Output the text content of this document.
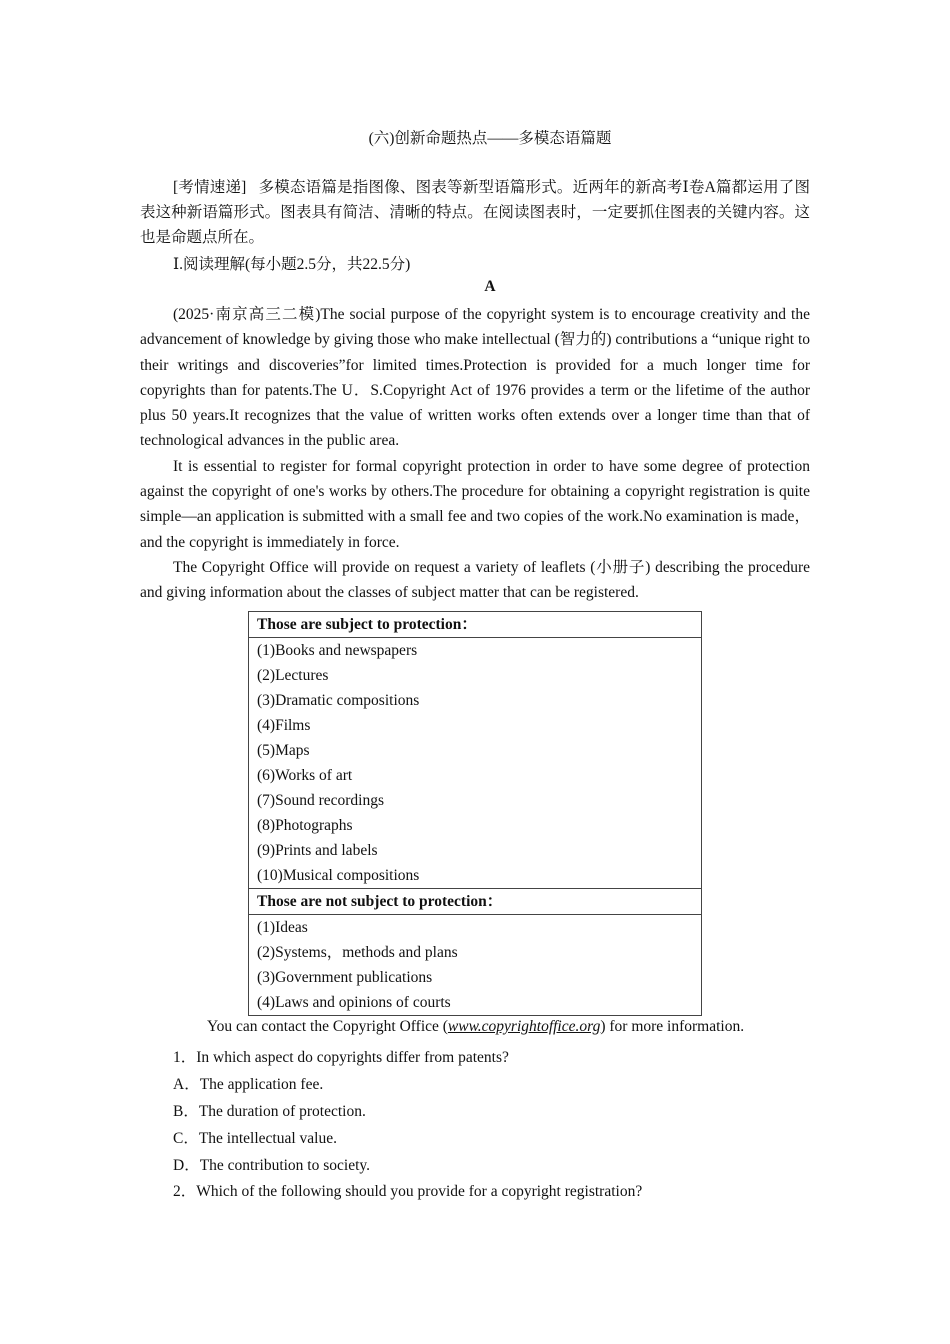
(六)创新命题热点——多模态语篇题
[考情速递] 多模态语篇是指图像、图表等新型语篇形式。近两年的新高考Ⅰ卷A篇都运用了图表这种新语篇形式。图表具有简洁、清晰的特点。在阅读图表时，一定要抓住图表的关键内容。这也是命题点所在。
Ⅰ.阅读理解(每小题2.5分，共22.5分)
A

(2025·南京高三二模)The social purpose of the copyright system is to encourage creativity and the advancement of knowledge by giving those who make intellectual (智力的) contributions a “unique right to their writings and discoveries”for limited times.Protection is provided for a much longer time for copyrights than for patents.The U．S.Copyright Act of 1976 provides a term or the lifetime of the author plus 50 years.It recognizes that the value of written works often extends over a longer time than that of technological advances in the public area.

It is essential to register for formal copyright protection in order to have some degree of protection against the copyright of one's works by others.The procedure for obtaining a copyright registration is quite simple—an application is submitted with a small fee and two copies of the work.No examination is made，and the copyright is immediately in force.

The Copyright Office will provide on request a variety of leaflets (小册子) describing the procedure and giving information about the classes of subject matter that can be registered.

Those are subject to protection：

(1)Books and newspapers
(2)Lectures
(3)Dramatic compositions
(4)Films
(5)Maps
(6)Works of art
(7)Sound recordings
(8)Photographs
(9)Prints and labels
(10)Musical compositions

Those are not subject to protection：

(1)Ideas
(2)Systems，methods and plans
(3)Government publications
(4)Laws and opinions of courts
You can contact the Copyright Office (www.copyrightoffice.org) for more information.
1．In which aspect do copyrights differ from patents?
A．The application fee.
B．The duration of protection.
C．The intellectual value.
D．The contribution to society.
2．Which of the following should you provide for a copyright registration?
